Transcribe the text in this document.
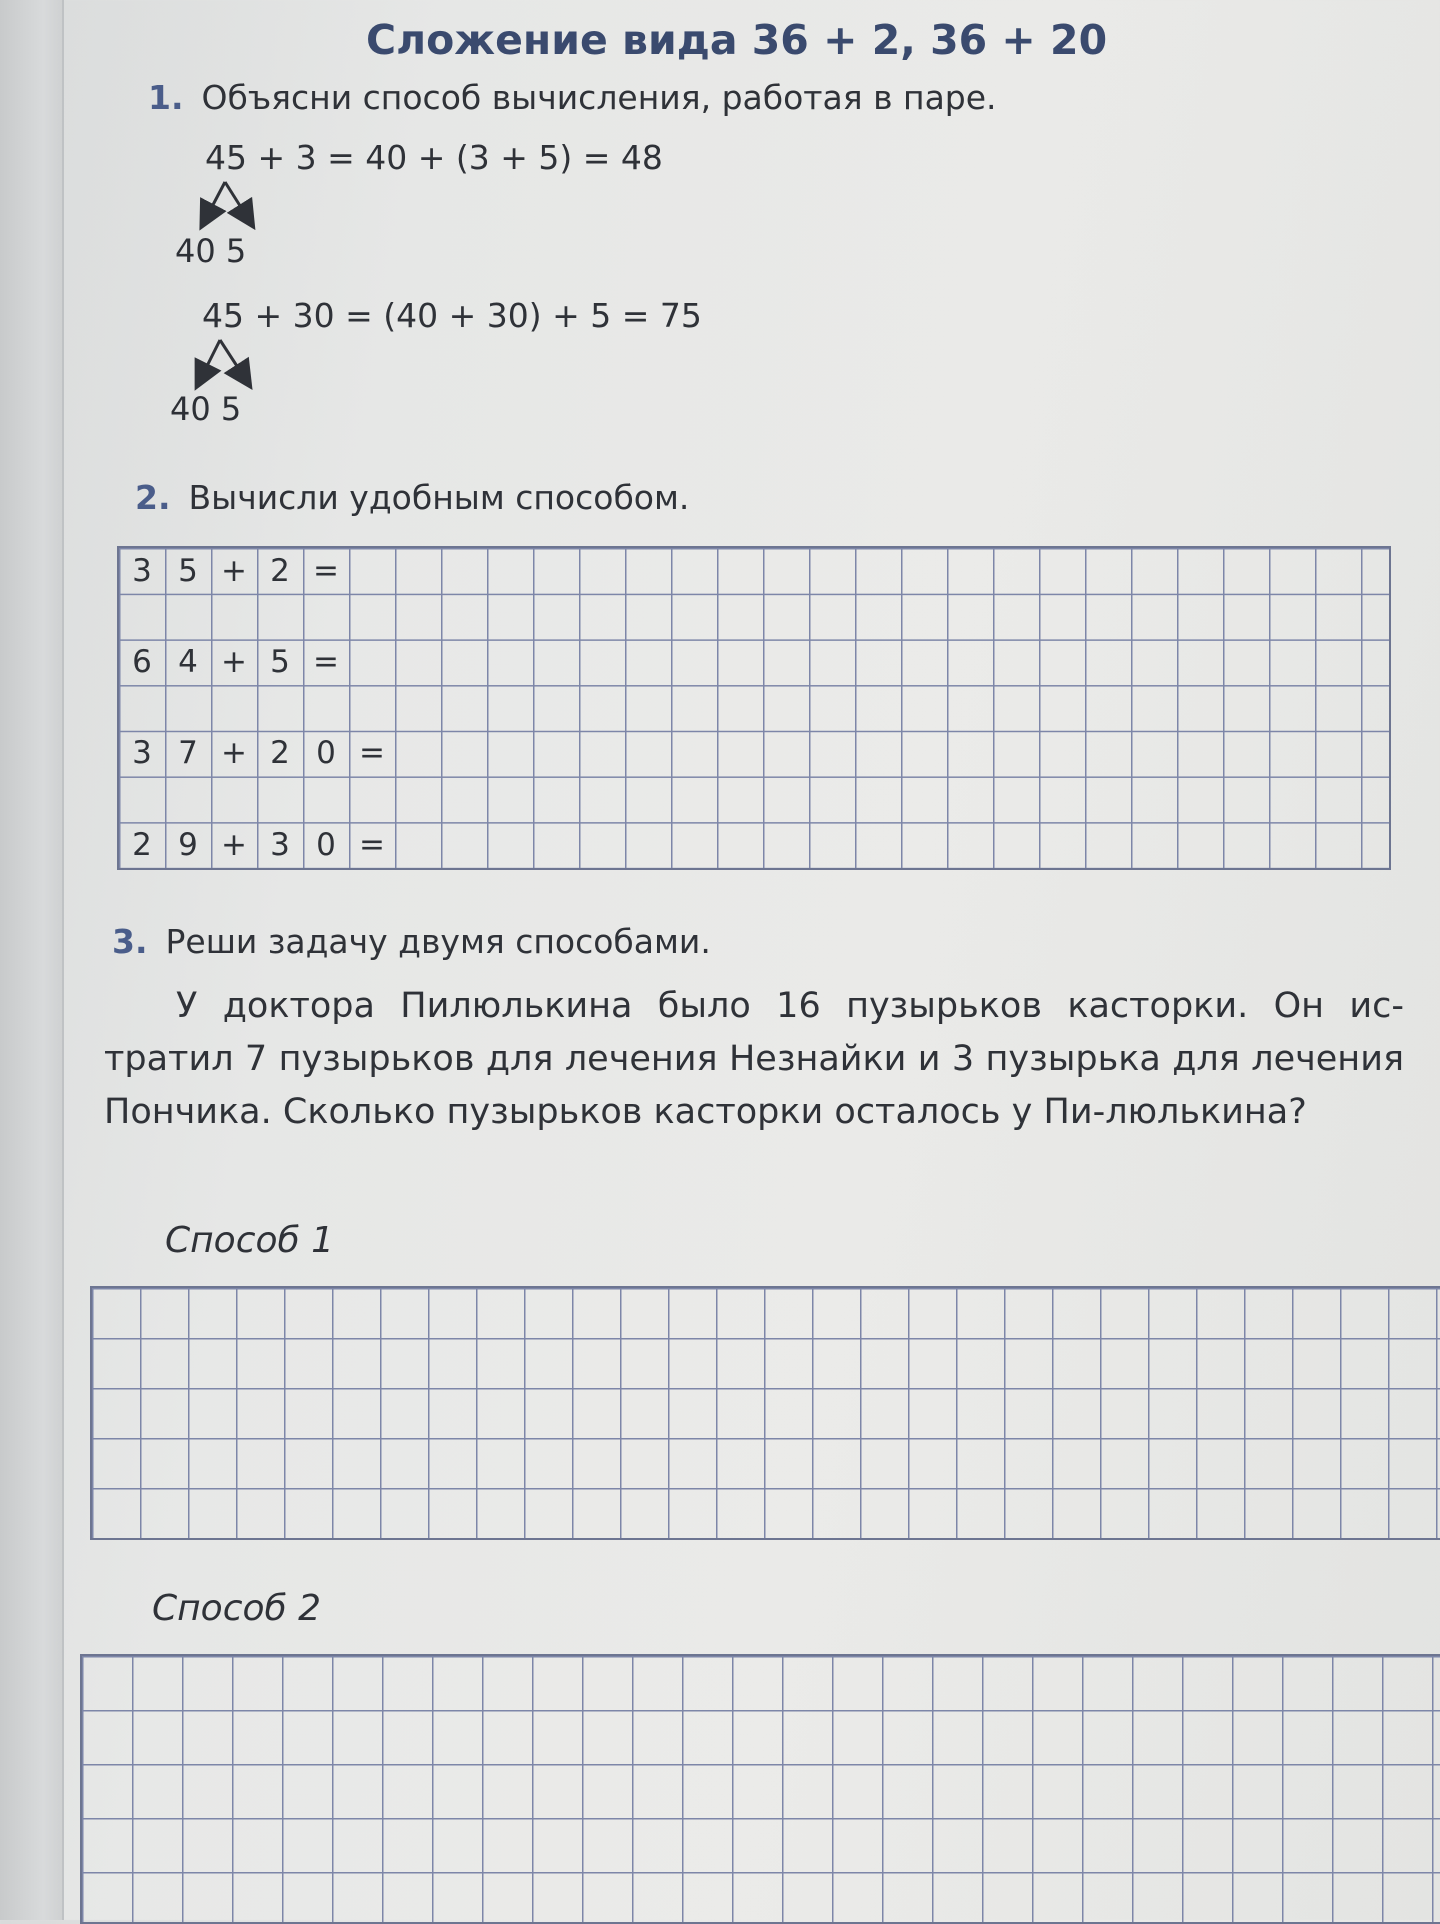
Сложение вида 36 + 2, 36 + 20
1. Объясни способ вычисления, работая в паре.
45 + 3 = 40 + (3 + 5) = 48
40 5
45 + 30 = (40 + 30) + 5 = 75
40 5
2. Вычисли удобным способом.
3 5 + 2 =
6 4 + 5 =
3 7 + 2 0 =
2 9 + 3 0 =
3. Реши задачу двумя способами.

У доктора Пилюлькина было 16 пузырьков касторки. Он ис-тратил 7 пузырьков для лечения Незнайки и 3 пузырька для лечения Пончика. Сколько пузырьков касторки осталось у Пи-люлькина?

Способ 1
Способ 2
